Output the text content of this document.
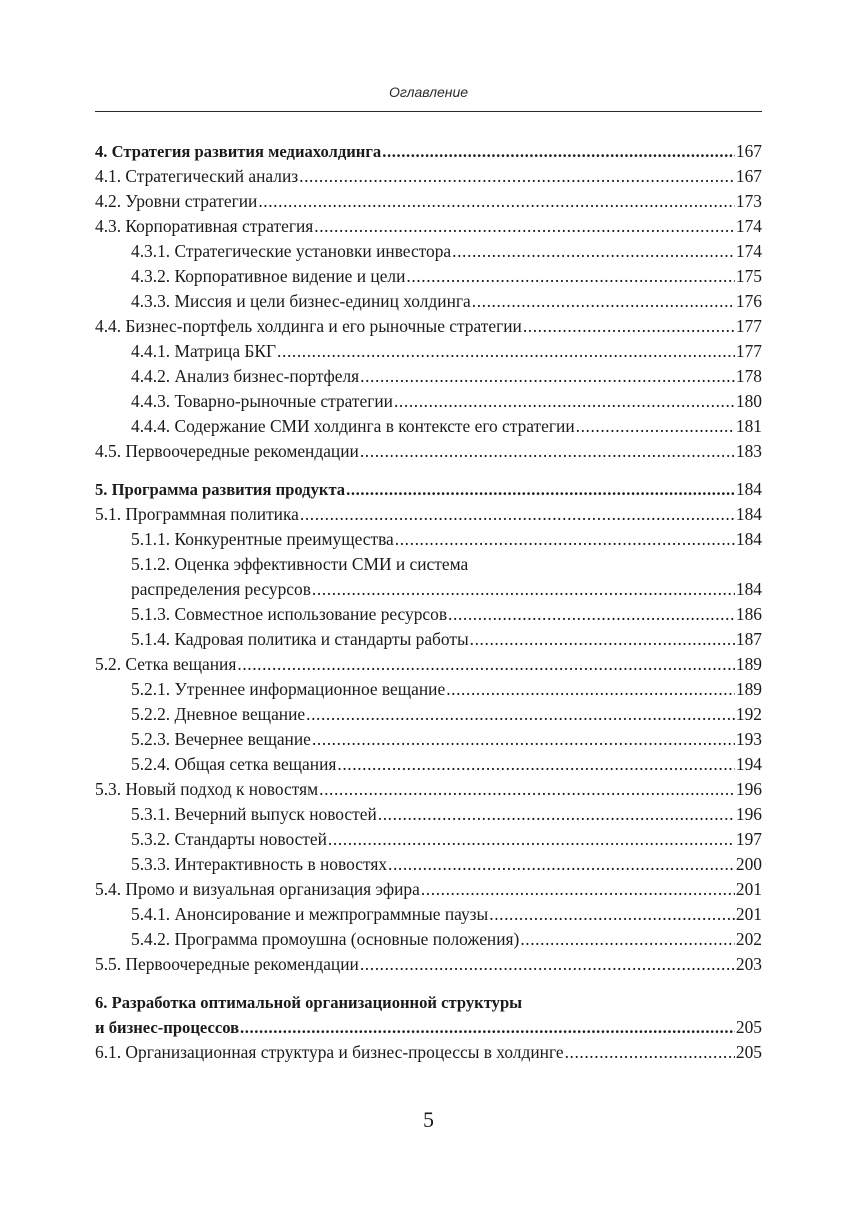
Оглавление
4. Стратегия развития медиахолдинга .....	167
4.1. Стратегический анализ .....	167
4.2. Уровни стратегии .....	173
4.3. Корпоративная стратегия .....	174
4.3.1. Стратегические установки инвестора .....	174
4.3.2. Корпоративное видение и цели .....	175
4.3.3. Миссия и цели бизнес-единиц холдинга .....	176
4.4. Бизнес-портфель холдинга и его рыночные стратегии .....	177
4.4.1. Матрица БКГ .....	177
4.4.2. Анализ бизнес-портфеля .....	178
4.4.3. Товарно-рыночные стратегии .....	180
4.4.4. Содержание СМИ холдинга в контексте его стратегии .....	181
4.5. Первоочередные рекомендации .....	183
5. Программа развития продукта .....	184
5.1. Программная политика .....	184
5.1.1. Конкурентные преимущества .....	184
5.1.2. Оценка эффективности СМИ и система
распределения ресурсов .....	184
5.1.3. Совместное использование ресурсов .....	186
5.1.4. Кадровая политика и стандарты работы .....	187
5.2. Сетка вещания .....	189
5.2.1. Утреннее информационное вещание .....	189
5.2.2. Дневное вещание .....	192
5.2.3. Вечернее вещание .....	193
5.2.4. Общая сетка вещания .....	194
5.3. Новый подход к новостям .....	196
5.3.1. Вечерний выпуск новостей .....	196
5.3.2. Стандарты новостей .....	197
5.3.3. Интерактивность в новостях .....	200
5.4. Промо и визуальная организация эфира .....	201
5.4.1. Анонсирование и межпрограммные паузы .....	201
5.4.2. Программа промоушна (основные положения) .....	202
5.5. Первоочередные рекомендации .....	203
6. Разработка оптимальной организационной структуры
и бизнес-процессов .....	205
6.1. Организационная структура и бизнес-процессы в холдинге .....	205
5
